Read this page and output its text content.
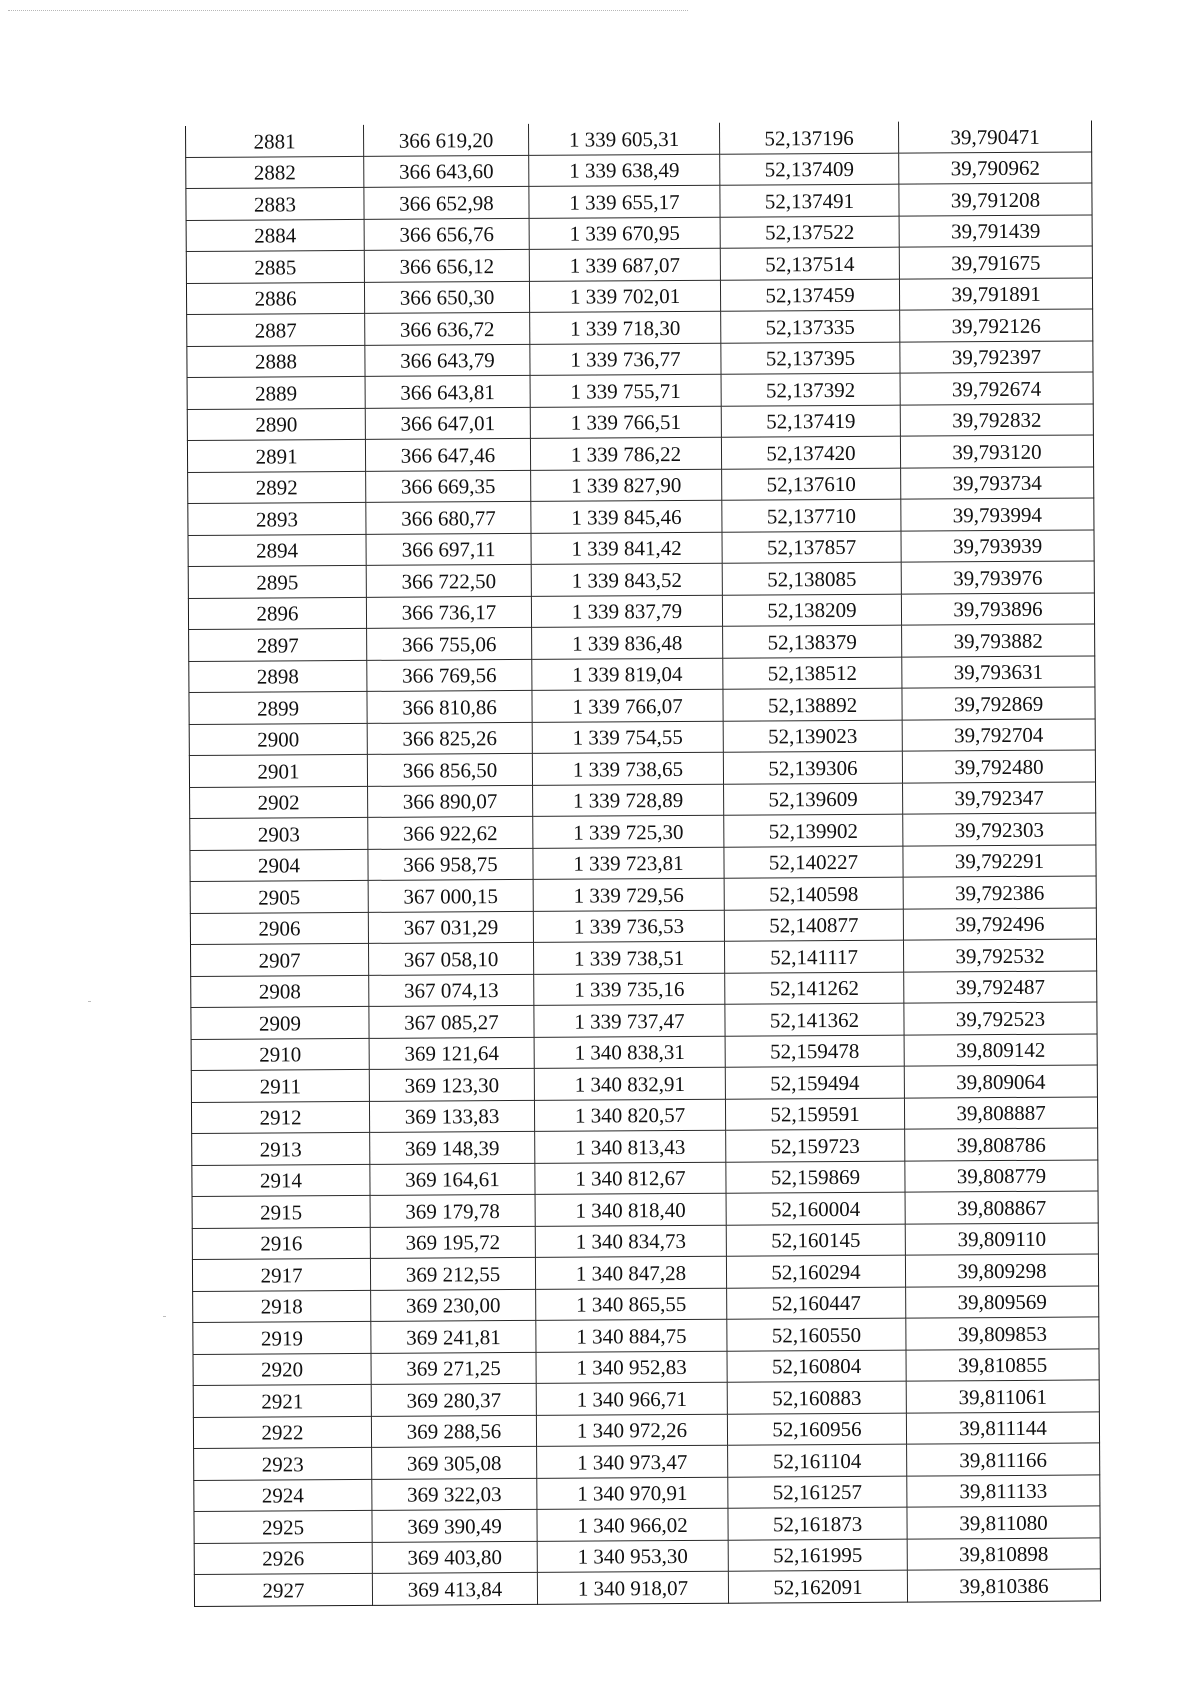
2881	366 619,20	1 339 605,31	52,137196	39,790471
2882	366 643,60	1 339 638,49	52,137409	39,790962
2883	366 652,98	1 339 655,17	52,137491	39,791208
2884	366 656,76	1 339 670,95	52,137522	39,791439
2885	366 656,12	1 339 687,07	52,137514	39,791675
2886	366 650,30	1 339 702,01	52,137459	39,791891
2887	366 636,72	1 339 718,30	52,137335	39,792126
2888	366 643,79	1 339 736,77	52,137395	39,792397
2889	366 643,81	1 339 755,71	52,137392	39,792674
2890	366 647,01	1 339 766,51	52,137419	39,792832
2891	366 647,46	1 339 786,22	52,137420	39,793120
2892	366 669,35	1 339 827,90	52,137610	39,793734
2893	366 680,77	1 339 845,46	52,137710	39,793994
2894	366 697,11	1 339 841,42	52,137857	39,793939
2895	366 722,50	1 339 843,52	52,138085	39,793976
2896	366 736,17	1 339 837,79	52,138209	39,793896
2897	366 755,06	1 339 836,48	52,138379	39,793882
2898	366 769,56	1 339 819,04	52,138512	39,793631
2899	366 810,86	1 339 766,07	52,138892	39,792869
2900	366 825,26	1 339 754,55	52,139023	39,792704
2901	366 856,50	1 339 738,65	52,139306	39,792480
2902	366 890,07	1 339 728,89	52,139609	39,792347
2903	366 922,62	1 339 725,30	52,139902	39,792303
2904	366 958,75	1 339 723,81	52,140227	39,792291
2905	367 000,15	1 339 729,56	52,140598	39,792386
2906	367 031,29	1 339 736,53	52,140877	39,792496
2907	367 058,10	1 339 738,51	52,141117	39,792532
2908	367 074,13	1 339 735,16	52,141262	39,792487
2909	367 085,27	1 339 737,47	52,141362	39,792523
2910	369 121,64	1 340 838,31	52,159478	39,809142
2911	369 123,30	1 340 832,91	52,159494	39,809064
2912	369 133,83	1 340 820,57	52,159591	39,808887
2913	369 148,39	1 340 813,43	52,159723	39,808786
2914	369 164,61	1 340 812,67	52,159869	39,808779
2915	369 179,78	1 340 818,40	52,160004	39,808867
2916	369 195,72	1 340 834,73	52,160145	39,809110
2917	369 212,55	1 340 847,28	52,160294	39,809298
2918	369 230,00	1 340 865,55	52,160447	39,809569
2919	369 241,81	1 340 884,75	52,160550	39,809853
2920	369 271,25	1 340 952,83	52,160804	39,810855
2921	369 280,37	1 340 966,71	52,160883	39,811061
2922	369 288,56	1 340 972,26	52,160956	39,811144
2923	369 305,08	1 340 973,47	52,161104	39,811166
2924	369 322,03	1 340 970,91	52,161257	39,811133
2925	369 390,49	1 340 966,02	52,161873	39,811080
2926	369 403,80	1 340 953,30	52,161995	39,810898
2927	369 413,84	1 340 918,07	52,162091	39,810386
